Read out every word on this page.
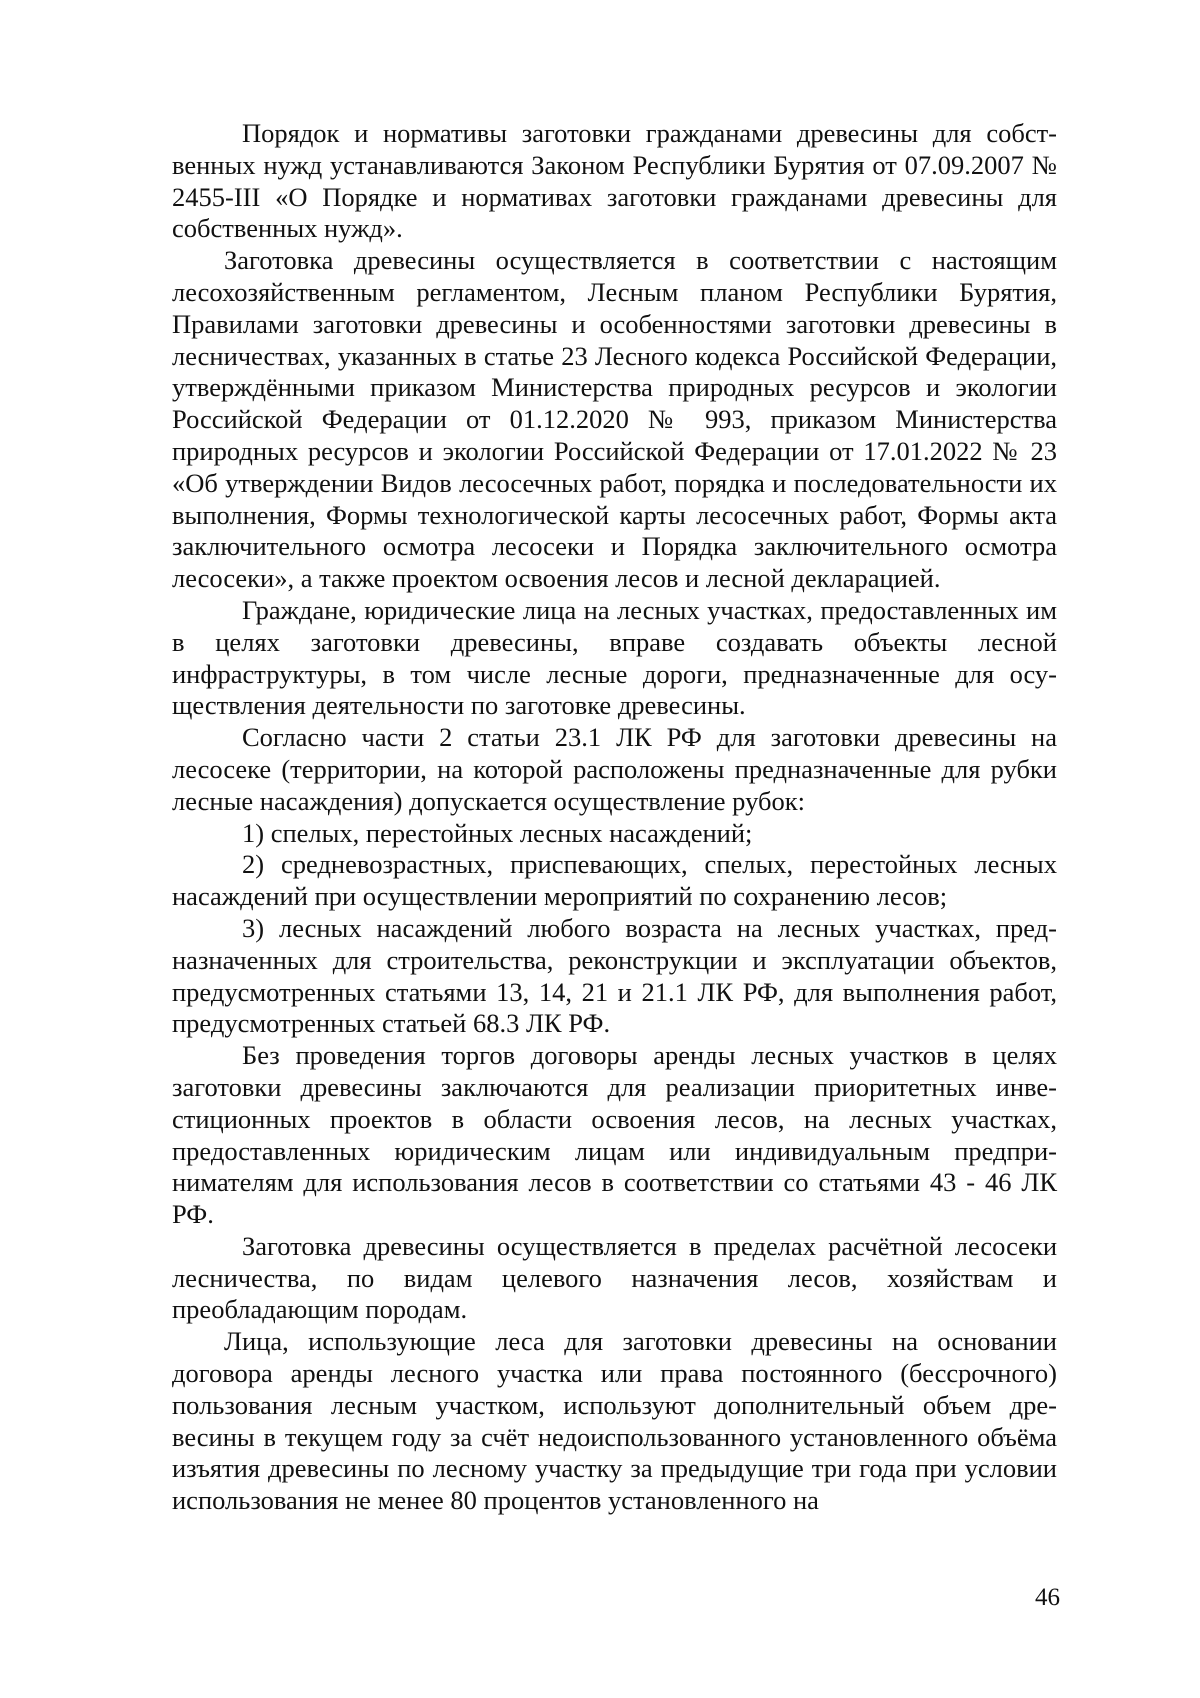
Порядок и нормативы заготовки гражданами древесины для собственных нужд устанавливаются Законом Республики Бурятия от 07.09.2007 № 2455-III «О Порядке и нормативах заготовки гражданами древесины для собственных нужд».

Заготовка древесины осуществляется в соответствии с настоящим лесохозяйственным регламентом, Лесным планом Республики Бурятия, Правилами заготовки древесины и особенностями заготовки древесины в лесничествах, указанных в статье 23 Лесного кодекса Российской Федерации, утверждёнными приказом Министерства природных ресурсов и экологии Российской Федерации от 01.12.2020 № 993, приказом Министерства природных ресурсов и экологии Российской Федерации от 17.01.2022 № 23 «Об утверждении Видов лесосечных работ, порядка и последовательности их выполнения, Формы технологической карты лесосечных работ, Формы акта заключительного осмотра лесосеки и Порядка заключительного осмотра лесосеки», а также проектом освоения лесов и лесной декларацией.

Граждане, юридические лица на лесных участках, предоставленных им в целях заготовки древесины, вправе создавать объекты лесной инфраструктуры, в том числе лесные дороги, предназначенные для осуществления деятельности по заготовке древесины.

Согласно части 2 статьи 23.1 ЛК РФ для заготовки древесины на лесосеке (территории, на которой расположены предназначенные для рубки лесные насаждения) допускается осуществление рубок:

1) спелых, перестойных лесных насаждений;

2) средневозрастных, приспевающих, спелых, перестойных лесных насаждений при осуществлении мероприятий по сохранению лесов;

3) лесных насаждений любого возраста на лесных участках, предназначенных для строительства, реконструкции и эксплуатации объектов, предусмотренных статьями 13, 14, 21 и 21.1 ЛК РФ, для выполнения работ, предусмотренных статьей 68.3 ЛК РФ.

Без проведения торгов договоры аренды лесных участков в целях заготовки древесины заключаются для реализации приоритетных инвестиционных проектов в области освоения лесов, на лесных участках, предоставленных юридическим лицам или индивидуальным предпринимателям для использования лесов в соответствии со статьями 43 - 46 ЛК РФ.

Заготовка древесины осуществляется в пределах расчётной лесосеки лесничества, по видам целевого назначения лесов, хозяйствам и преобладающим породам.

Лица, использующие леса для заготовки древесины на основании договора аренды лесного участка или права постоянного (бессрочного) пользования лесным участком, используют дополнительный объем древесины в текущем году за счёт недоиспользованного установленного объёма изъятия древесины по лесному участку за предыдущие три года при условии использования не менее 80 процентов установленного на

46
